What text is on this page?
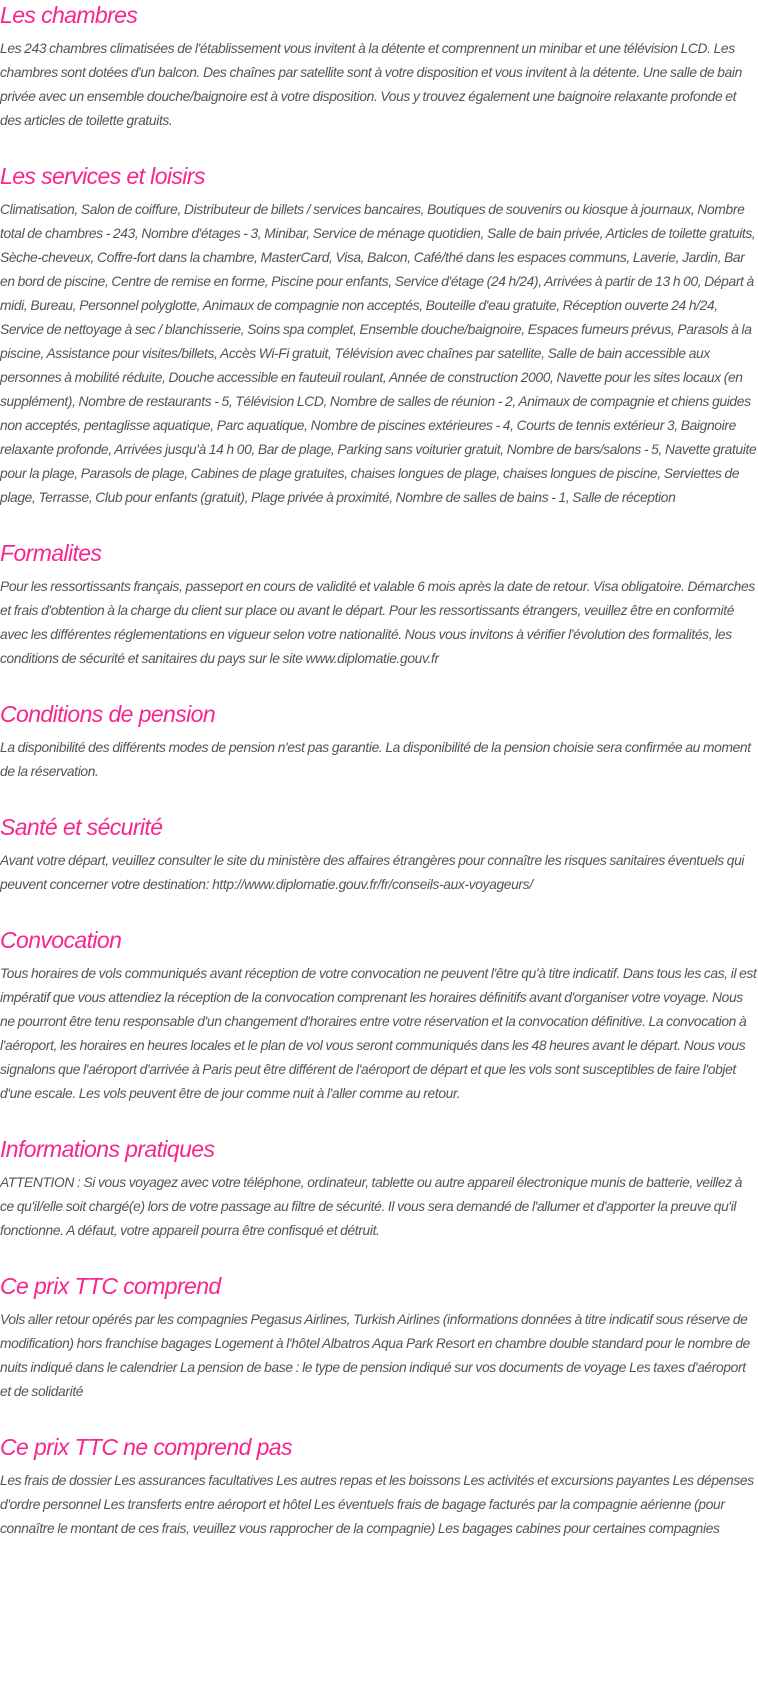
Les chambres

Les 243 chambres climatisées de l'établissement vous invitent à la détente et comprennent un minibar et une télévision LCD. Les chambres sont dotées d'un balcon. Des chaînes par satellite sont à votre disposition et vous invitent à la détente. Une salle de bain privée avec un ensemble douche/baignoire est à votre disposition. Vous y trouvez également une baignoire relaxante profonde et des articles de toilette gratuits.

Les services et loisirs

Climatisation, Salon de coiffure, Distributeur de billets / services bancaires, Boutiques de souvenirs ou kiosque à journaux, Nombre total de chambres - 243, Nombre d'étages - 3, Minibar, Service de ménage quotidien, Salle de bain privée, Articles de toilette gratuits, Sèche-cheveux, Coffre-fort dans la chambre, MasterCard, Visa, Balcon, Café/thé dans les espaces communs, Laverie, Jardin, Bar en bord de piscine, Centre de remise en forme, Piscine pour enfants, Service d'étage (24 h/24), Arrivées à partir de 13 h 00, Départ à midi, Bureau, Personnel polyglotte, Animaux de compagnie non acceptés, Bouteille d'eau gratuite, Réception ouverte 24 h/24, Service de nettoyage à sec / blanchisserie, Soins spa complet, Ensemble douche/baignoire, Espaces fumeurs prévus, Parasols à la piscine, Assistance pour visites/billets, Accès Wi-Fi gratuit, Télévision avec chaînes par satellite, Salle de bain accessible aux personnes à mobilité réduite, Douche accessible en fauteuil roulant, Année de construction 2000, Navette pour les sites locaux (en supplément), Nombre de restaurants - 5, Télévision LCD, Nombre de salles de réunion - 2, Animaux de compagnie et chiens guides non acceptés, pentaglisse aquatique, Parc aquatique, Nombre de piscines extérieures - 4, Courts de tennis extérieur 3, Baignoire relaxante profonde, Arrivées jusqu'à 14 h 00, Bar de plage, Parking sans voiturier gratuit, Nombre de bars/salons - 5, Navette gratuite pour la plage, Parasols de plage, Cabines de plage gratuites, chaises longues de plage, chaises longues de piscine, Serviettes de plage, Terrasse, Club pour enfants (gratuit), Plage privée à proximité, Nombre de salles de bains - 1, Salle de réception

Formalites

Pour les ressortissants français, passeport en cours de validité et valable 6 mois après la date de retour. Visa obligatoire. Démarches et frais d'obtention à la charge du client sur place ou avant le départ. Pour les ressortissants étrangers, veuillez être en conformité avec les différentes réglementations en vigueur selon votre nationalité. Nous vous invitons à vérifier l'évolution des formalités, les conditions de sécurité et sanitaires du pays sur le site www.diplomatie.gouv.fr

Conditions de pension

La disponibilité des différents modes de pension n'est pas garantie. La disponibilité de la pension choisie sera confirmée au moment de la réservation.

Santé et sécurité

Avant votre départ, veuillez consulter le site du ministère des affaires étrangères pour connaître les risques sanitaires éventuels qui peuvent concerner votre destination: http://www.diplomatie.gouv.fr/fr/conseils-aux-voyageurs/

Convocation

Tous horaires de vols communiqués avant réception de votre convocation ne peuvent l'être qu'à titre indicatif. Dans tous les cas, il est impératif que vous attendiez la réception de la convocation comprenant les horaires définitifs avant d'organiser votre voyage. Nous ne pourront être tenu responsable d'un changement d'horaires entre votre réservation et la convocation définitive. La convocation à l'aéroport, les horaires en heures locales et le plan de vol vous seront communiqués dans les 48 heures avant le départ. Nous vous signalons que l'aéroport d'arrivée à Paris peut être différent de l'aéroport de départ et que les vols sont susceptibles de faire l'objet d'une escale. Les vols peuvent être de jour comme nuit à l'aller comme au retour.

Informations pratiques

ATTENTION : Si vous voyagez avec votre téléphone, ordinateur, tablette ou autre appareil électronique munis de batterie, veillez à ce qu'il/elle soit chargé(e) lors de votre passage au filtre de sécurité. Il vous sera demandé de l'allumer et d'apporter la preuve qu'il fonctionne. A défaut, votre appareil pourra être confisqué et détruit.

Ce prix TTC comprend

Vols aller retour opérés par les compagnies Pegasus Airlines, Turkish Airlines (informations données à titre indicatif sous réserve de modification) hors franchise bagages Logement à l'hôtel Albatros Aqua Park Resort en chambre double standard pour le nombre de nuits indiqué dans le calendrier La pension de base : le type de pension indiqué sur vos documents de voyage Les taxes d'aéroport et de solidarité

Ce prix TTC ne comprend pas

Les frais de dossier Les assurances facultatives Les autres repas et les boissons Les activités et excursions payantes Les dépenses d'ordre personnel Les transferts entre aéroport et hôtel Les éventuels frais de bagage facturés par la compagnie aérienne (pour connaître le montant de ces frais, veuillez vous rapprocher de la compagnie) Les bagages cabines pour certaines compagnies
